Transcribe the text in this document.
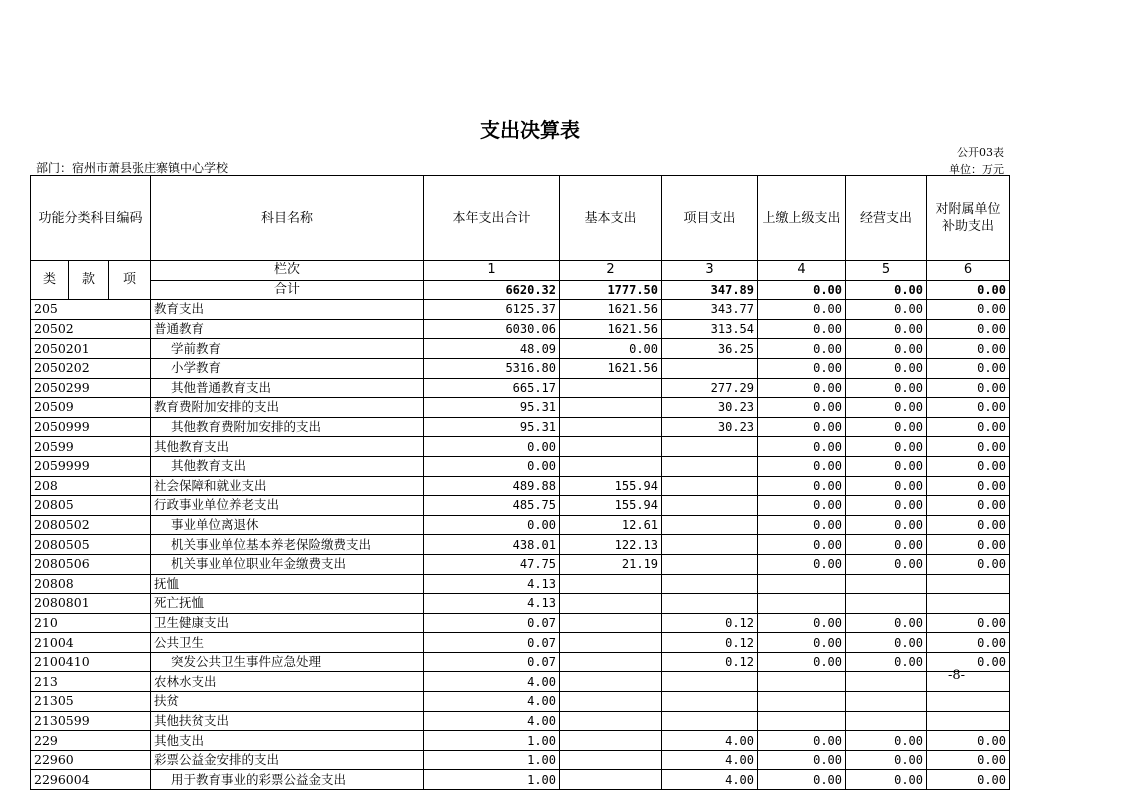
支出决算表
公开03表
部门：宿州市萧县张庄寨镇中心学校	单位：万元
功能分类科目编码			科目名称	本年支出合计	基本支出	项目支出	上缴上级支出	经营支出	对附属单位补助支出
类	款	项	栏次	1	2	3	4	5	6
			合计	6620.32	1777.50	347.89	0.00	0.00	0.00
205			教育支出	6125.37	1621.56	343.77	0.00	0.00	0.00
20502			普通教育	6030.06	1621.56	313.54	0.00	0.00	0.00
2050201			学前教育	48.09	0.00	36.25	0.00	0.00	0.00
2050202			小学教育	5316.80	1621.56		0.00	0.00	0.00
2050299			其他普通教育支出	665.17		277.29	0.00	0.00	0.00
20509			教育费附加安排的支出	95.31		30.23	0.00	0.00	0.00
2050999			其他教育费附加安排的支出	95.31		30.23	0.00	0.00	0.00
20599			其他教育支出	0.00			0.00	0.00	0.00
2059999			其他教育支出	0.00			0.00	0.00	0.00
208			社会保障和就业支出	489.88	155.94		0.00	0.00	0.00
20805			行政事业单位养老支出	485.75	155.94		0.00	0.00	0.00
2080502			事业单位离退休	0.00	12.61		0.00	0.00	0.00
2080505			机关事业单位基本养老保险缴费支出	438.01	122.13		0.00	0.00	0.00
2080506			机关事业单位职业年金缴费支出	47.75	21.19		0.00	0.00	0.00
20808			抚恤	4.13					
2080801			死亡抚恤	4.13					
210			卫生健康支出	0.07		0.12	0.00	0.00	0.00
21004			公共卫生	0.07		0.12	0.00	0.00	0.00
2100410			突发公共卫生事件应急处理	0.07		0.12	0.00	0.00	0.00
213			农林水支出	4.00					
21305			扶贫	4.00					
2130599			其他扶贫支出	4.00					
229			其他支出	1.00		4.00	0.00	0.00	0.00
22960			彩票公益金安排的支出	1.00		4.00	0.00	0.00	0.00
2296004			用于教育事业的彩票公益金支出	1.00		4.00	0.00	0.00	0.00
-8-
